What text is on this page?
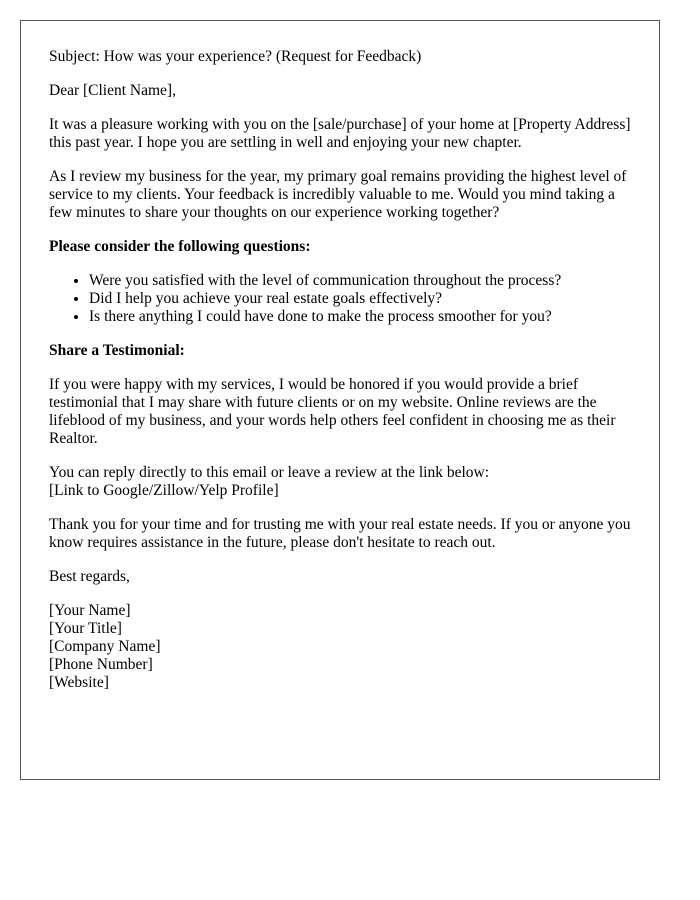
Subject: How was your experience? (Request for Feedback)

Dear [Client Name],

It was a pleasure working with you on the [sale/purchase] of your home at [Property Address] this past year. I hope you are settling in well and enjoying your new chapter.

As I review my business for the year, my primary goal remains providing the highest level of service to my clients. Your feedback is incredibly valuable to me. Would you mind taking a few minutes to share your thoughts on our experience working together?

Please consider the following questions:

• Were you satisfied with the level of communication throughout the process?
• Did I help you achieve your real estate goals effectively?
• Is there anything I could have done to make the process smoother for you?

Share a Testimonial:

If you were happy with my services, I would be honored if you would provide a brief testimonial that I may share with future clients or on my website. Online reviews are the lifeblood of my business, and your words help others feel confident in choosing me as their Realtor.

You can reply directly to this email or leave a review at the link below:
[Link to Google/Zillow/Yelp Profile]

Thank you for your time and for trusting me with your real estate needs. If you or anyone you know requires assistance in the future, please don't hesitate to reach out.

Best regards,

[Your Name]
[Your Title]
[Company Name]
[Phone Number]
[Website]
